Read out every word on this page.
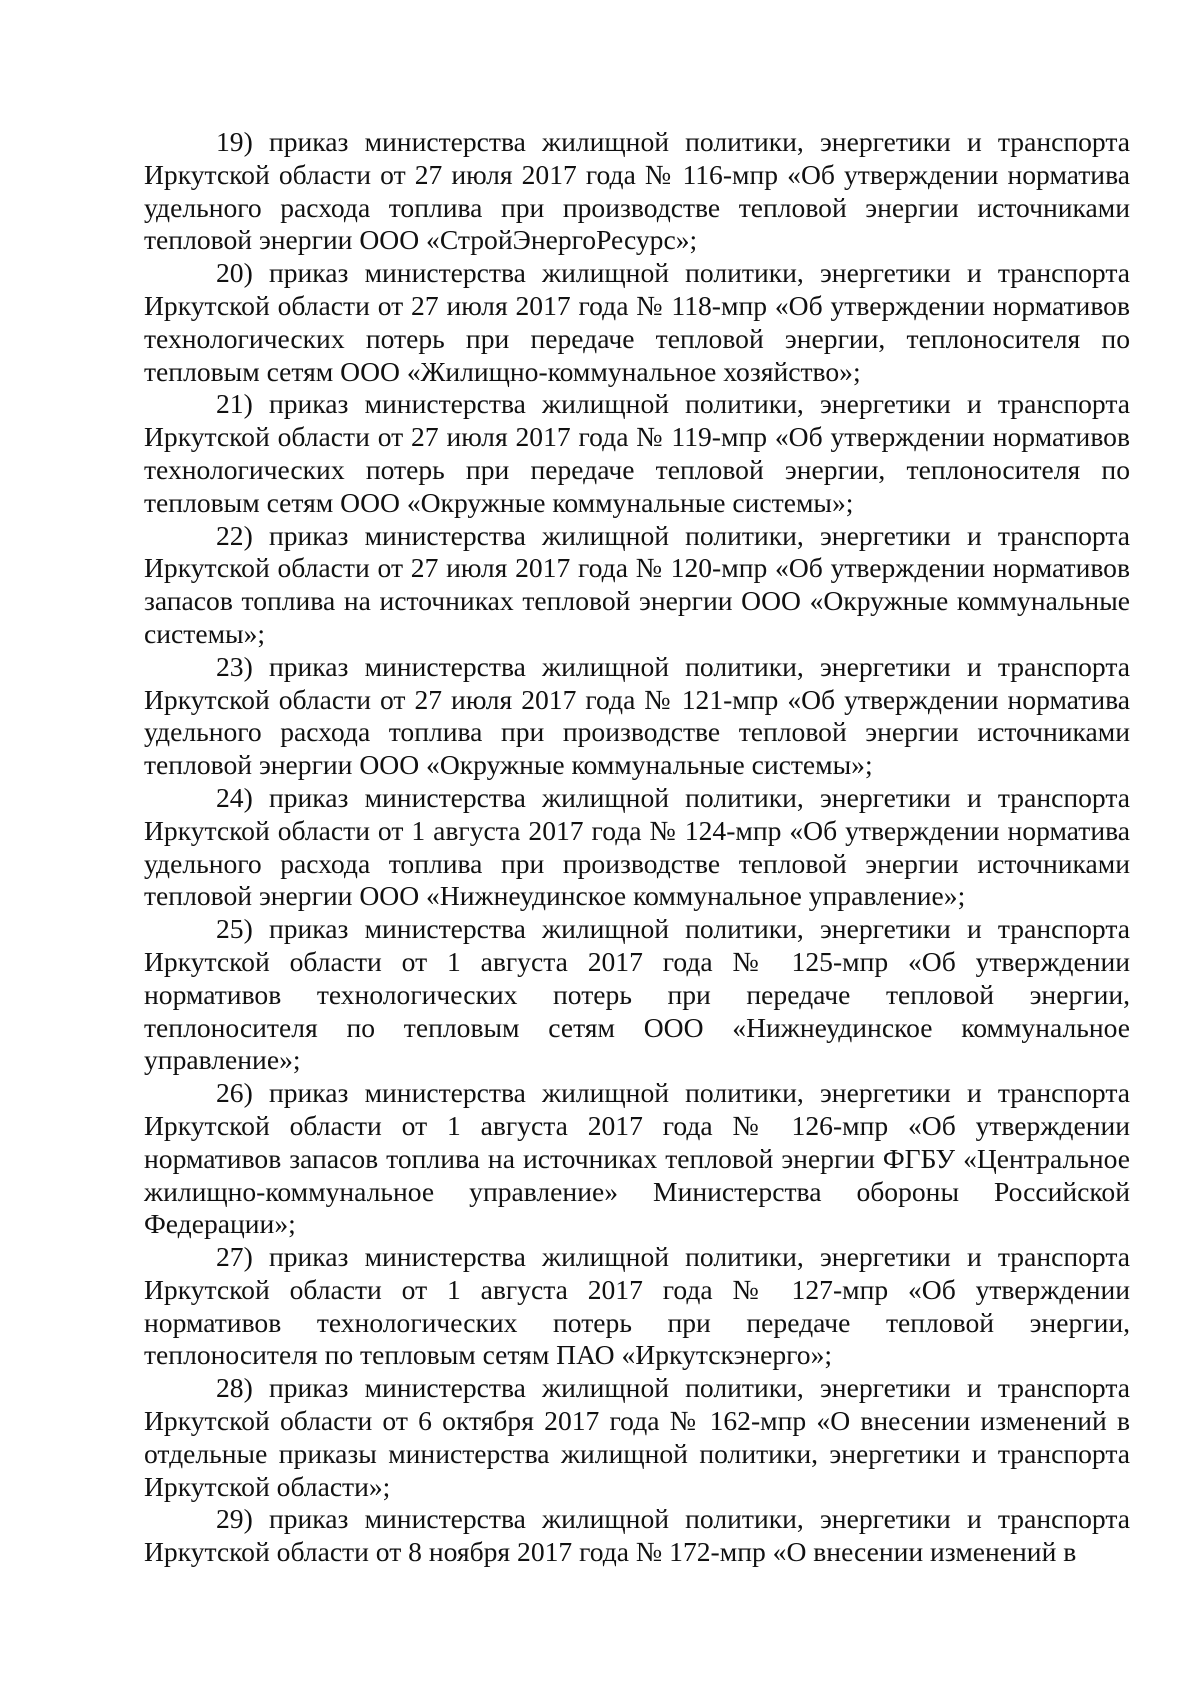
19) приказ министерства жилищной политики, энергетики и транспорта Иркутской области от 27 июля 2017 года № 116-мпр «Об утверждении норматива удельного расхода топлива при производстве тепловой энергии источниками тепловой энергии ООО «СтройЭнергоРесурс»;

20) приказ министерства жилищной политики, энергетики и транспорта Иркутской области от 27 июля 2017 года № 118-мпр «Об утверждении нормативов технологических потерь при передаче тепловой энергии, теплоносителя по тепловым сетям ООО «Жилищно-коммунальное хозяйство»;

21) приказ министерства жилищной политики, энергетики и транспорта Иркутской области от 27 июля 2017 года № 119-мпр «Об утверждении нормативов технологических потерь при передаче тепловой энергии, теплоносителя по тепловым сетям ООО «Окружные коммунальные системы»;

22) приказ министерства жилищной политики, энергетики и транспорта Иркутской области от 27 июля 2017 года № 120-мпр «Об утверждении нормативов запасов топлива на источниках тепловой энергии ООО «Окружные коммунальные системы»;

23) приказ министерства жилищной политики, энергетики и транспорта Иркутской области от 27 июля 2017 года № 121-мпр «Об утверждении норматива удельного расхода топлива при производстве тепловой энергии источниками тепловой энергии ООО «Окружные коммунальные системы»;

24) приказ министерства жилищной политики, энергетики и транспорта Иркутской области от 1 августа 2017 года № 124-мпр «Об утверждении норматива удельного расхода топлива при производстве тепловой энергии источниками тепловой энергии ООО «Нижнеудинское коммунальное управление»;

25) приказ министерства жилищной политики, энергетики и транспорта Иркутской области от 1 августа 2017 года № 125-мпр «Об утверждении нормативов технологических потерь при передаче тепловой энергии, теплоносителя по тепловым сетям ООО «Нижнеудинское коммунальное управление»;

26) приказ министерства жилищной политики, энергетики и транспорта Иркутской области от 1 августа 2017 года № 126-мпр «Об утверждении нормативов запасов топлива на источниках тепловой энергии ФГБУ «Центральное жилищно-коммунальное управление» Министерства обороны Российской Федерации»;

27) приказ министерства жилищной политики, энергетики и транспорта Иркутской области от 1 августа 2017 года № 127-мпр «Об утверждении нормативов технологических потерь при передаче тепловой энергии, теплоносителя по тепловым сетям ПАО «Иркутскэнерго»;

28) приказ министерства жилищной политики, энергетики и транспорта Иркутской области от 6 октября 2017 года № 162-мпр «О внесении изменений в отдельные приказы министерства жилищной политики, энергетики и транспорта Иркутской области»;

29) приказ министерства жилищной политики, энергетики и транспорта Иркутской области от 8 ноября 2017 года № 172-мпр «О внесении изменений в
